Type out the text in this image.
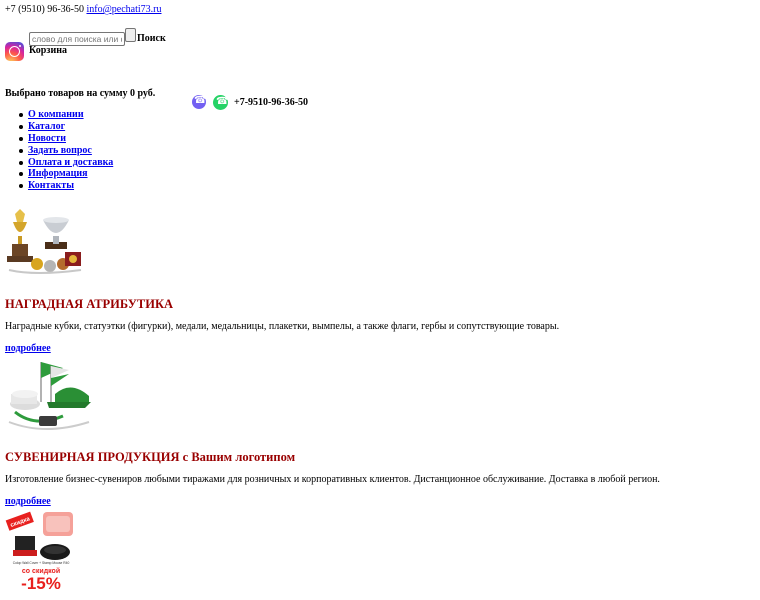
+7 (9510) 96-36-50 info@pechati73.ru
слово для поиска или фразу
Поиск
Корзина
Выбрано товаров на сумму 0 руб.
☎
☎
+7-9510-96-36-50
О компании
Каталог
Новости
Задать вопрос
Оплата и доставка
Информация
Контакты
НАГРАДНАЯ АТРИБУТИКА
Наградные кубки, статуэтки (фигурки), медали, медальницы, плакетки, вымпелы, а также флаги, гербы и сопутствующие товары.
подробнее
СУВЕНИРНАЯ ПРОДУКЦИЯ с Вашим логотипом
Изготовление бизнес-сувениров любыми тиражами для розничных и корпоративных клиентов. Дистанционное обслуживание. Доставка в любой регион.
подробнее
скидка
Colop Wall Cover + Stamp Mouse R40
со скидкой
-15%
